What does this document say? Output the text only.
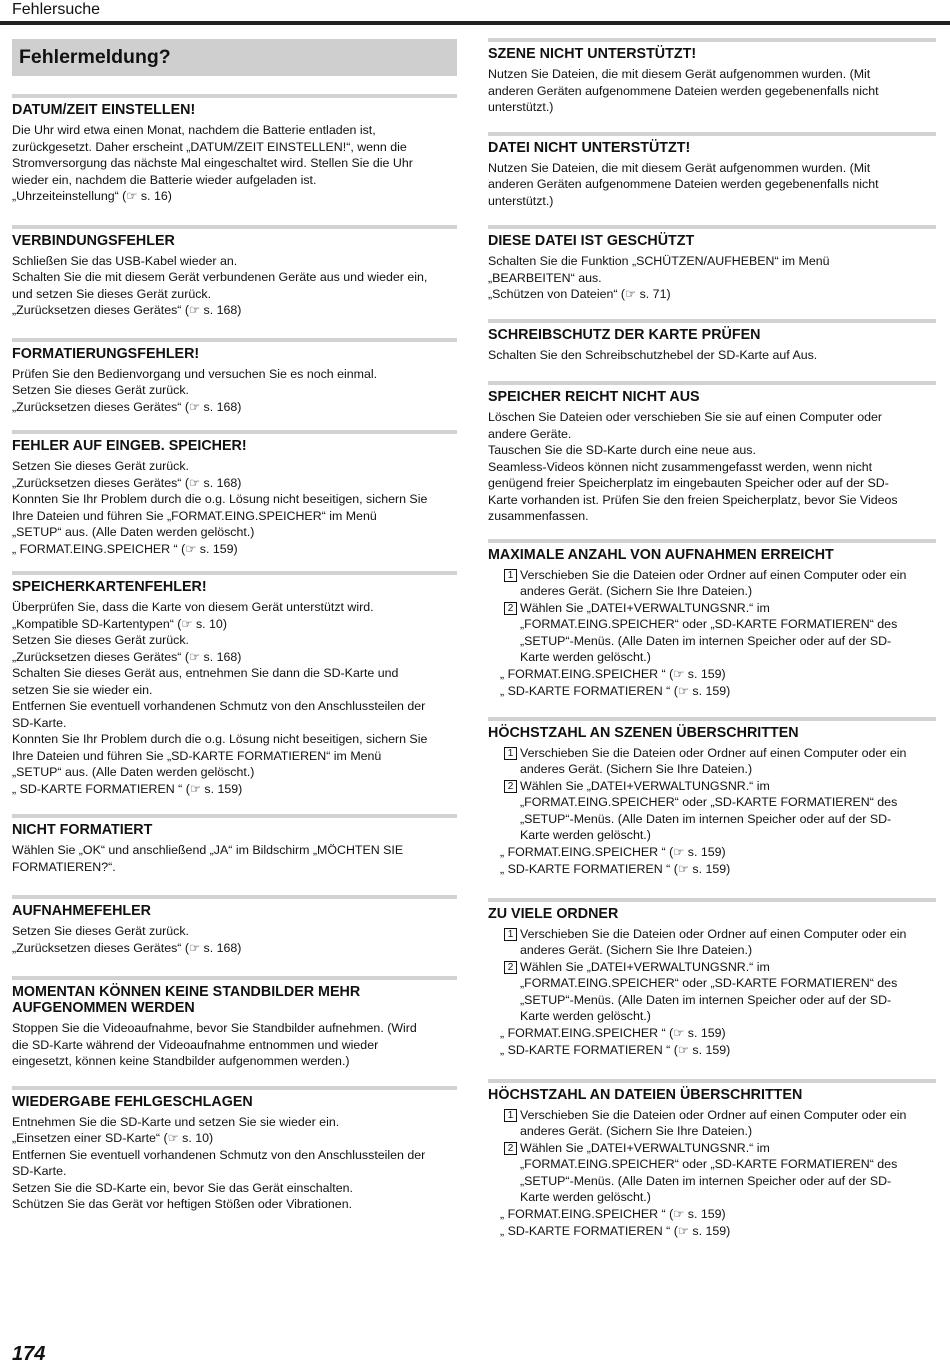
Fehlersuche
Fehlermeldung?
DATUM/ZEIT EINSTELLEN!

Die Uhr wird etwa einen Monat, nachdem die Batterie entladen ist,
zurückgesetzt. Daher erscheint „DATUM/ZEIT EINSTELLEN!“, wenn die
Stromversorgung das nächste Mal eingeschaltet wird. Stellen Sie die Uhr
wieder ein, nachdem die Batterie wieder aufgeladen ist.
„Uhrzeiteinstellung“ (☞ s. 16)

VERBINDUNGSFEHLER

Schließen Sie das USB-Kabel wieder an.
Schalten Sie die mit diesem Gerät verbundenen Geräte aus und wieder ein,
und setzen Sie dieses Gerät zurück.
„Zurücksetzen dieses Gerätes“ (☞ s. 168)

FORMATIERUNGSFEHLER!

Prüfen Sie den Bedienvorgang und versuchen Sie es noch einmal.
Setzen Sie dieses Gerät zurück.
„Zurücksetzen dieses Gerätes“ (☞ s. 168)

FEHLER AUF EINGEB. SPEICHER!

Setzen Sie dieses Gerät zurück.
„Zurücksetzen dieses Gerätes“ (☞ s. 168)
Konnten Sie Ihr Problem durch die o.g. Lösung nicht beseitigen, sichern Sie
Ihre Dateien und führen Sie „FORMAT.EING.SPEICHER“ im Menü
„SETUP“ aus. (Alle Daten werden gelöscht.)
„ FORMAT.EING.SPEICHER “ (☞ s. 159)

SPEICHERKARTENFEHLER!

Überprüfen Sie, dass die Karte von diesem Gerät unterstützt wird.
„Kompatible SD-Kartentypen“ (☞ s. 10)
Setzen Sie dieses Gerät zurück.
„Zurücksetzen dieses Gerätes“ (☞ s. 168)
Schalten Sie dieses Gerät aus, entnehmen Sie dann die SD-Karte und
setzen Sie sie wieder ein.
Entfernen Sie eventuell vorhandenen Schmutz von den Anschlussteilen der
SD-Karte.
Konnten Sie Ihr Problem durch die o.g. Lösung nicht beseitigen, sichern Sie
Ihre Dateien und führen Sie „SD-KARTE FORMATIEREN“ im Menü
„SETUP“ aus. (Alle Daten werden gelöscht.)
„ SD-KARTE FORMATIEREN “ (☞ s. 159)

NICHT FORMATIERT

Wählen Sie „OK“ und anschließend „JA“ im Bildschirm „MÖCHTEN SIE
FORMATIEREN?“.

AUFNAHMEFEHLER

Setzen Sie dieses Gerät zurück.
„Zurücksetzen dieses Gerätes“ (☞ s. 168)

MOMENTAN KÖNNEN KEINE STANDBILDER MEHR AUFGENOMMEN WERDEN

Stoppen Sie die Videoaufnahme, bevor Sie Standbilder aufnehmen. (Wird
die SD-Karte während der Videoaufnahme entnommen und wieder
eingesetzt, können keine Standbilder aufgenommen werden.)

WIEDERGABE FEHLGESCHLAGEN

Entnehmen Sie die SD-Karte und setzen Sie sie wieder ein.
„Einsetzen einer SD-Karte“ (☞ s. 10)
Entfernen Sie eventuell vorhandenen Schmutz von den Anschlussteilen der
SD-Karte.
Setzen Sie die SD-Karte ein, bevor Sie das Gerät einschalten.
Schützen Sie das Gerät vor heftigen Stößen oder Vibrationen.

SZENE NICHT UNTERSTÜTZT!

Nutzen Sie Dateien, die mit diesem Gerät aufgenommen wurden. (Mit
anderen Geräten aufgenommene Dateien werden gegebenenfalls nicht
unterstützt.)

DATEI NICHT UNTERSTÜTZT!

Nutzen Sie Dateien, die mit diesem Gerät aufgenommen wurden. (Mit
anderen Geräten aufgenommene Dateien werden gegebenenfalls nicht
unterstützt.)

DIESE DATEI IST GESCHÜTZT

Schalten Sie die Funktion „SCHÜTZEN/AUFHEBEN“ im Menü
„BEARBEITEN“ aus.
„Schützen von Dateien“ (☞ s. 71)

SCHREIBSCHUTZ DER KARTE PRÜFEN

Schalten Sie den Schreibschutzhebel der SD-Karte auf Aus.

SPEICHER REICHT NICHT AUS

Löschen Sie Dateien oder verschieben Sie sie auf einen Computer oder
andere Geräte.
Tauschen Sie die SD-Karte durch eine neue aus.
Seamless-Videos können nicht zusammengefasst werden, wenn nicht
genügend freier Speicherplatz im eingebauten Speicher oder auf der SD-
Karte vorhanden ist. Prüfen Sie den freien Speicherplatz, bevor Sie Videos
zusammenfassen.

MAXIMALE ANZAHL VON AUFNAHMEN ERREICHT
1 Verschieben Sie die Dateien oder Ordner auf einen Computer oder ein
anderes Gerät. (Sichern Sie Ihre Dateien.)
2 Wählen Sie „DATEI+VERWALTUNGSNR.“ im
„FORMAT.EING.SPEICHER“ oder „SD-KARTE FORMATIEREN“ des
„SETUP“-Menüs. (Alle Daten im internen Speicher oder auf der SD-
Karte werden gelöscht.)
„ FORMAT.EING.SPEICHER “ (☞ s. 159)
„ SD-KARTE FORMATIEREN “ (☞ s. 159)
HÖCHSTZAHL AN SZENEN ÜBERSCHRITTEN
1 Verschieben Sie die Dateien oder Ordner auf einen Computer oder ein
anderes Gerät. (Sichern Sie Ihre Dateien.)
2 Wählen Sie „DATEI+VERWALTUNGSNR.“ im
„FORMAT.EING.SPEICHER“ oder „SD-KARTE FORMATIEREN“ des
„SETUP“-Menüs. (Alle Daten im internen Speicher oder auf der SD-
Karte werden gelöscht.)
„ FORMAT.EING.SPEICHER “ (☞ s. 159)
„ SD-KARTE FORMATIEREN “ (☞ s. 159)
ZU VIELE ORDNER
1 Verschieben Sie die Dateien oder Ordner auf einen Computer oder ein
anderes Gerät. (Sichern Sie Ihre Dateien.)
2 Wählen Sie „DATEI+VERWALTUNGSNR.“ im
„FORMAT.EING.SPEICHER“ oder „SD-KARTE FORMATIEREN“ des
„SETUP“-Menüs. (Alle Daten im internen Speicher oder auf der SD-
Karte werden gelöscht.)
„ FORMAT.EING.SPEICHER “ (☞ s. 159)
„ SD-KARTE FORMATIEREN “ (☞ s. 159)
HÖCHSTZAHL AN DATEIEN ÜBERSCHRITTEN
1 Verschieben Sie die Dateien oder Ordner auf einen Computer oder ein
anderes Gerät. (Sichern Sie Ihre Dateien.)
2 Wählen Sie „DATEI+VERWALTUNGSNR.“ im
„FORMAT.EING.SPEICHER“ oder „SD-KARTE FORMATIEREN“ des
„SETUP“-Menüs. (Alle Daten im internen Speicher oder auf der SD-
Karte werden gelöscht.)
„ FORMAT.EING.SPEICHER “ (☞ s. 159)
„ SD-KARTE FORMATIEREN “ (☞ s. 159)
174
